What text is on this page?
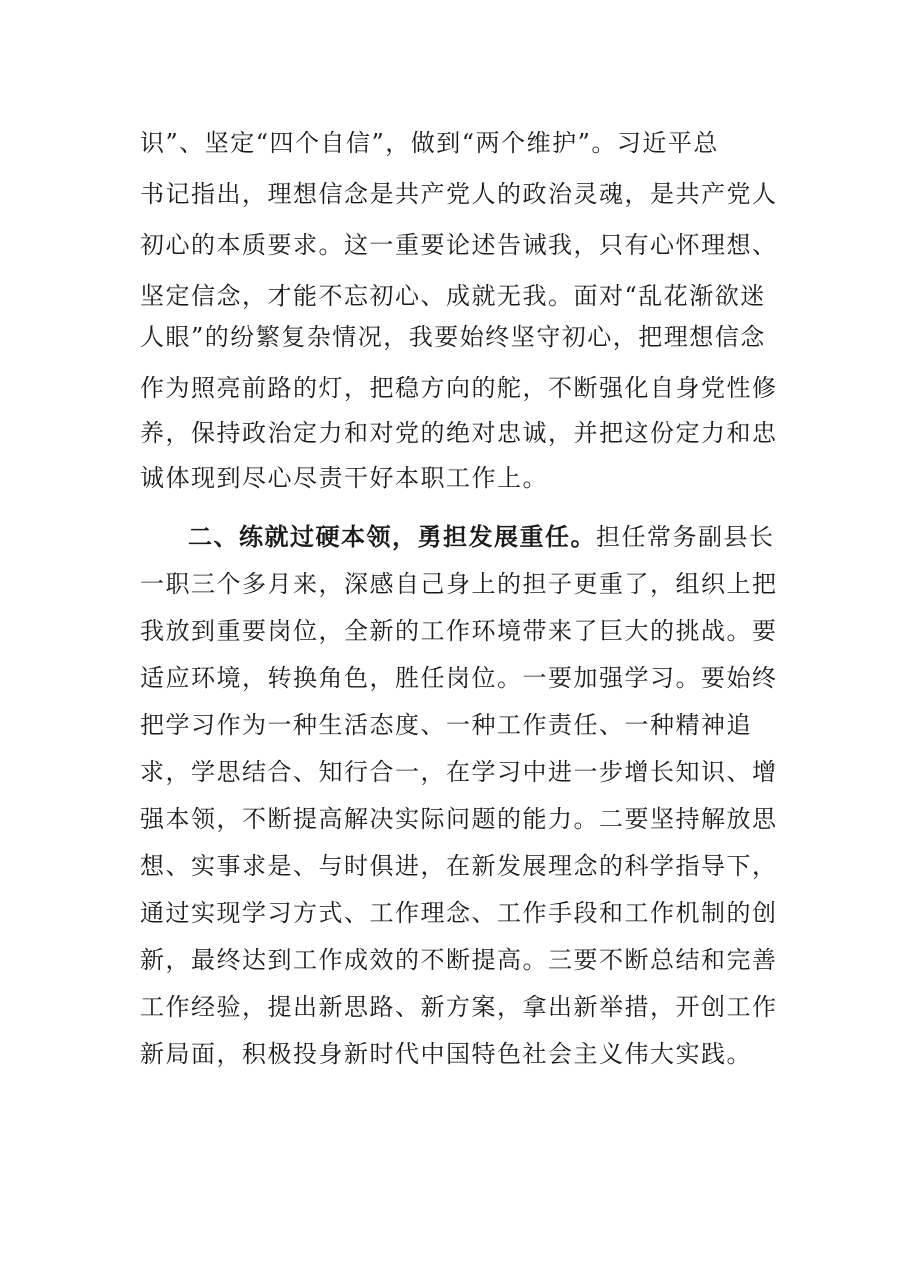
识”、坚定“四个自信”，做到“两个维护”。习近平总
书记指出，理想信念是共产党人的政治灵魂，是共产党人
初心的本质要求。这一重要论述告诫我，只有心怀理想、
坚定信念，才能不忘初心、成就无我。面对“乱花渐欲迷
人眼”的纷繁复杂情况，我要始终坚守初心，把理想信念
作为照亮前路的灯，把稳方向的舵，不断强化自身党性修
养，保持政治定力和对党的绝对忠诚，并把这份定力和忠
诚体现到尽心尽责干好本职工作上。
二、练就过硬本领，勇担发展重任。担任常务副县长
一职三个多月来，深感自己身上的担子更重了，组织上把
我放到重要岗位，全新的工作环境带来了巨大的挑战。要
适应环境，转换角色，胜任岗位。一要加强学习。要始终
把学习作为一种生活态度、一种工作责任、一种精神追
求，学思结合、知行合一，在学习中进一步增长知识、增
强本领，不断提高解决实际问题的能力。二要坚持解放思
想、实事求是、与时俱进，在新发展理念的科学指导下，
通过实现学习方式、工作理念、工作手段和工作机制的创
新，最终达到工作成效的不断提高。三要不断总结和完善
工作经验，提出新思路、新方案，拿出新举措，开创工作
新局面，积极投身新时代中国特色社会主义伟大实践。
